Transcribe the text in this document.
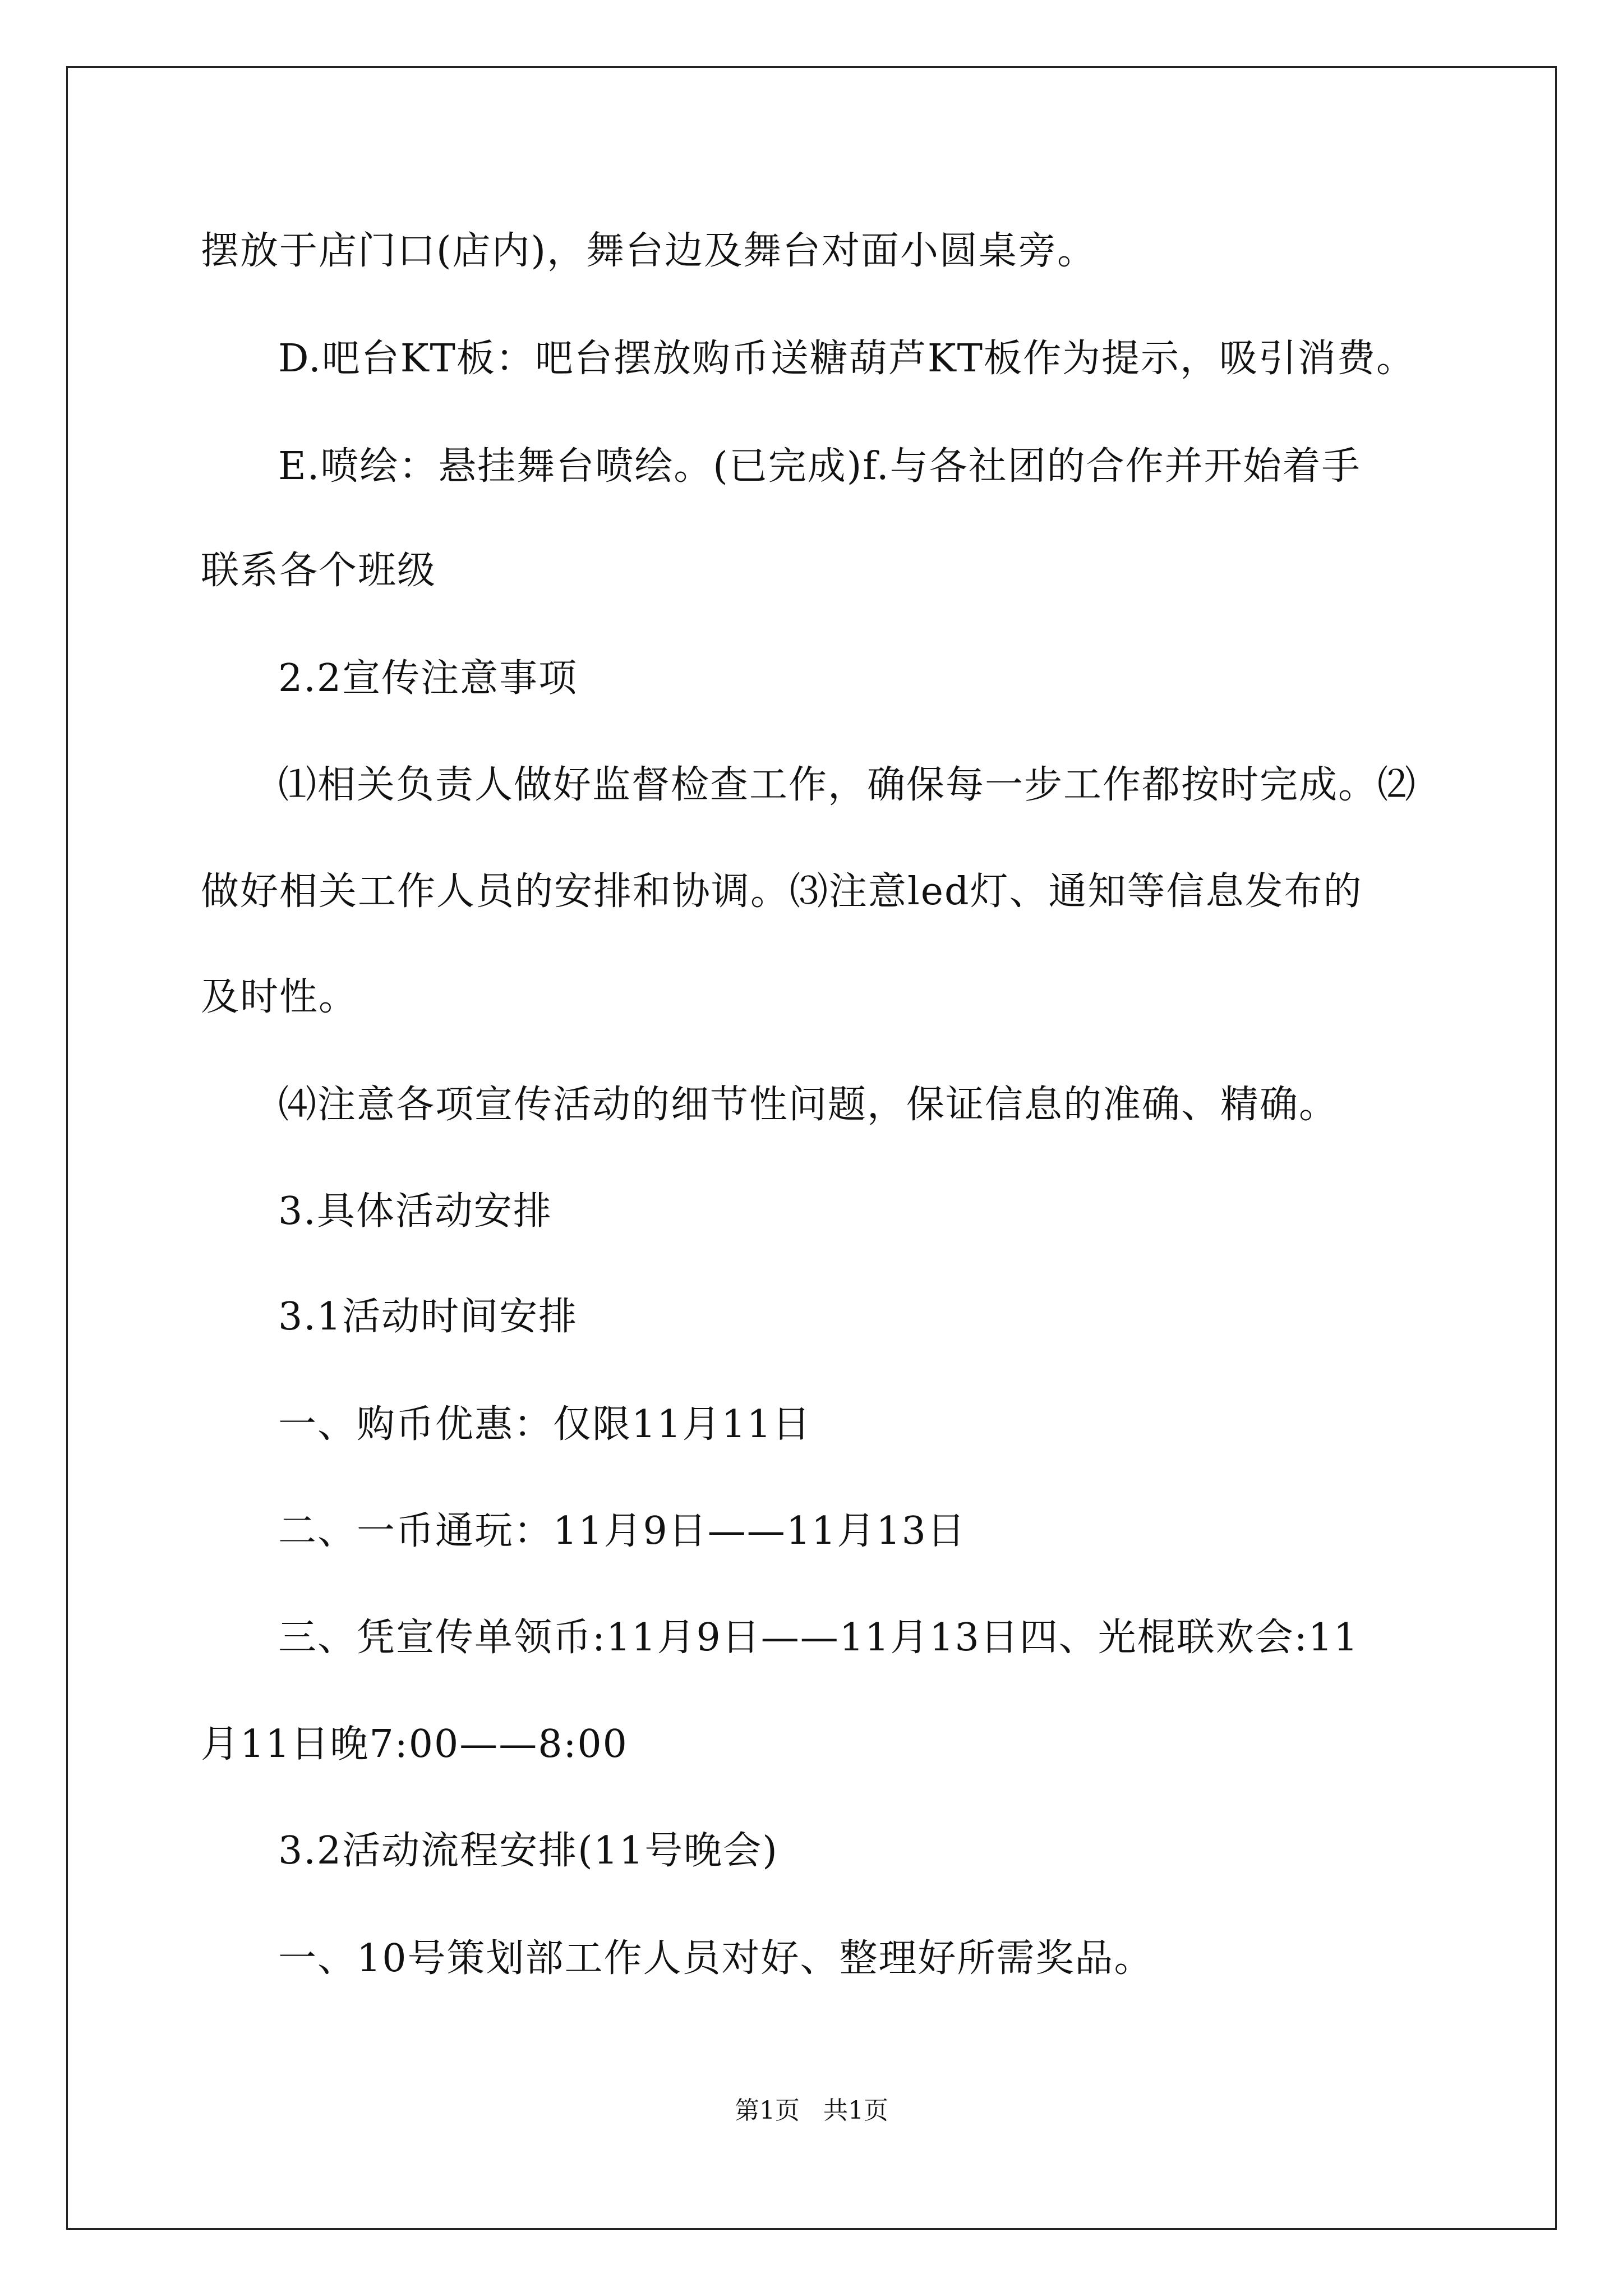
摆放于店门口(店内)，舞台边及舞台对面小圆桌旁。
D.吧台KT板：吧台摆放购币送糖葫芦KT板作为提示，吸引消费。
E.喷绘：悬挂舞台喷绘。(已完成)f.与各社团的合作并开始着手
联系各个班级
2.2宣传注意事项
⑴相关负责人做好监督检查工作，确保每一步工作都按时完成。⑵
做好相关工作人员的安排和协调。⑶注意led灯、通知等信息发布的
及时性。
⑷注意各项宣传活动的细节性问题，保证信息的准确、精确。
3.具体活动安排
3.1活动时间安排
一、购币优惠：仅限11月11日
二、一币通玩：11月9日——11月13日
三、凭宣传单领币:11月9日——11月13日四、光棍联欢会:11
月11日晚7:00——8:00
3.2活动流程安排(11号晚会)
一、10号策划部工作人员对好、整理好所需奖品。
第1页   共1页
